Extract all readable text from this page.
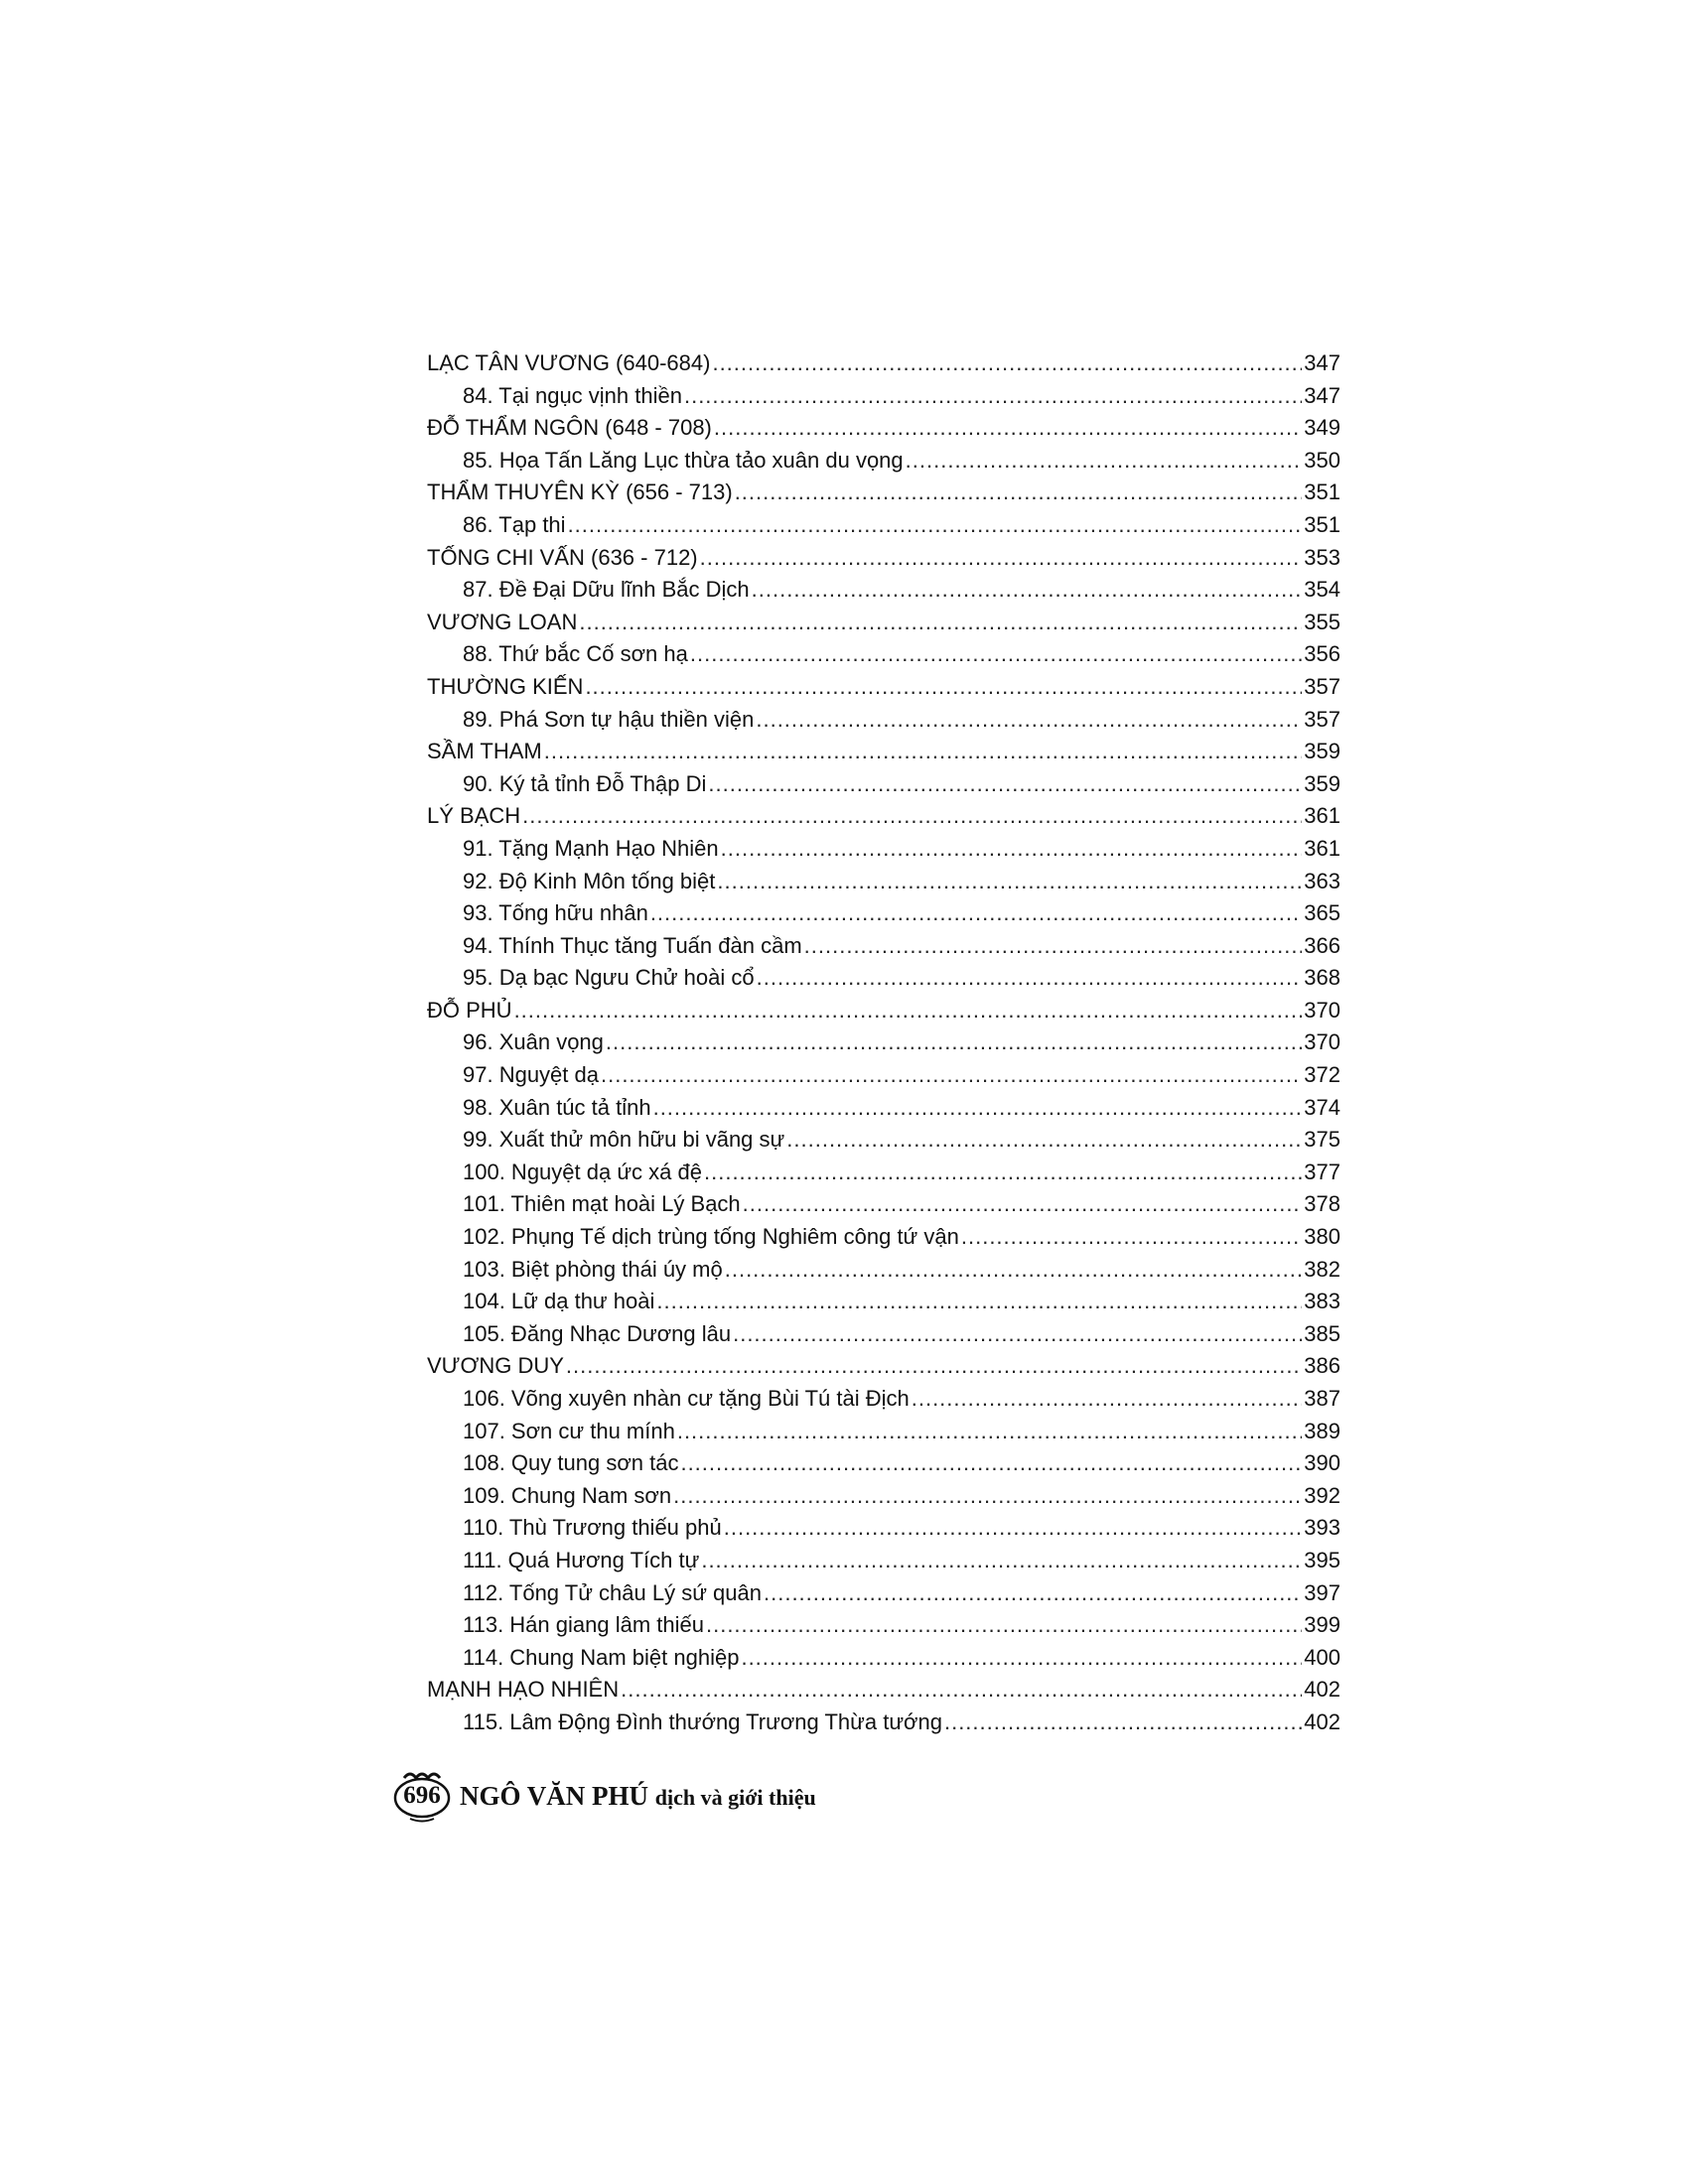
LẠC TÂN VƯƠNG (640-684) .....	347
84. Tại ngục vịnh thiền .....	347
ĐỖ THẨM NGÔN (648 - 708) .....	349
85. Họa Tấn Lăng Lục thừa tảo xuân du vọng .....	350
THẨM THUYÊN KỲ (656 - 713) .....	351
86. Tạp thi .....	351
TỐNG CHI VẤN (636 - 712) .....	353
87. Đề Đại Dữu lĩnh Bắc Dịch .....	354
VƯƠNG LOAN .....	355
88. Thứ bắc Cố sơn hạ .....	356
THƯỜNG KIẾN .....	357
89. Phá Sơn tự hậu thiền viện .....	357
SẦM THAM .....	359
90. Ký tả tỉnh Đỗ Thập Di .....	359
LÝ BẠCH .....	361
91. Tặng Mạnh Hạo Nhiên .....	361
92. Độ Kinh Môn tống biệt .....	363
93. Tống hữu nhân .....	365
94. Thính Thục tăng Tuấn đàn cầm .....	366
95. Dạ bạc Ngưu Chử hoài cổ .....	368
ĐỖ PHỦ .....	370
96. Xuân vọng .....	370
97. Nguyệt dạ .....	372
98. Xuân túc tả tỉnh .....	374
99. Xuất thử môn hữu bi vãng sự .....	375
100. Nguyệt dạ ức xá đệ .....	377
101. Thiên mạt hoài Lý Bạch .....	378
102. Phụng Tế dịch trùng tống Nghiêm công tứ vận .....	380
103. Biệt phòng thái úy mộ .....	382
104. Lữ dạ thư hoài .....	383
105. Đăng Nhạc Dương lâu .....	385
VƯƠNG DUY .....	386
106. Võng xuyên nhàn cư tặng Bùi Tú tài Địch .....	387
107. Sơn cư thu mính .....	389
108. Quy tung sơn tác .....	390
109. Chung Nam sơn .....	392
110. Thù Trương thiếu phủ .....	393
111. Quá Hương Tích tự .....	395
112. Tống Tử châu Lý sứ quân .....	397
113. Hán giang lâm thiếu .....	399
114. Chung Nam biệt nghiệp .....	400
MẠNH HẠO NHIÊN .....	402
115. Lâm Động Đình thướng Trương Thừa tướng .....	402
696 NGÔ VĂN PHÚ dịch và giới thiệu
